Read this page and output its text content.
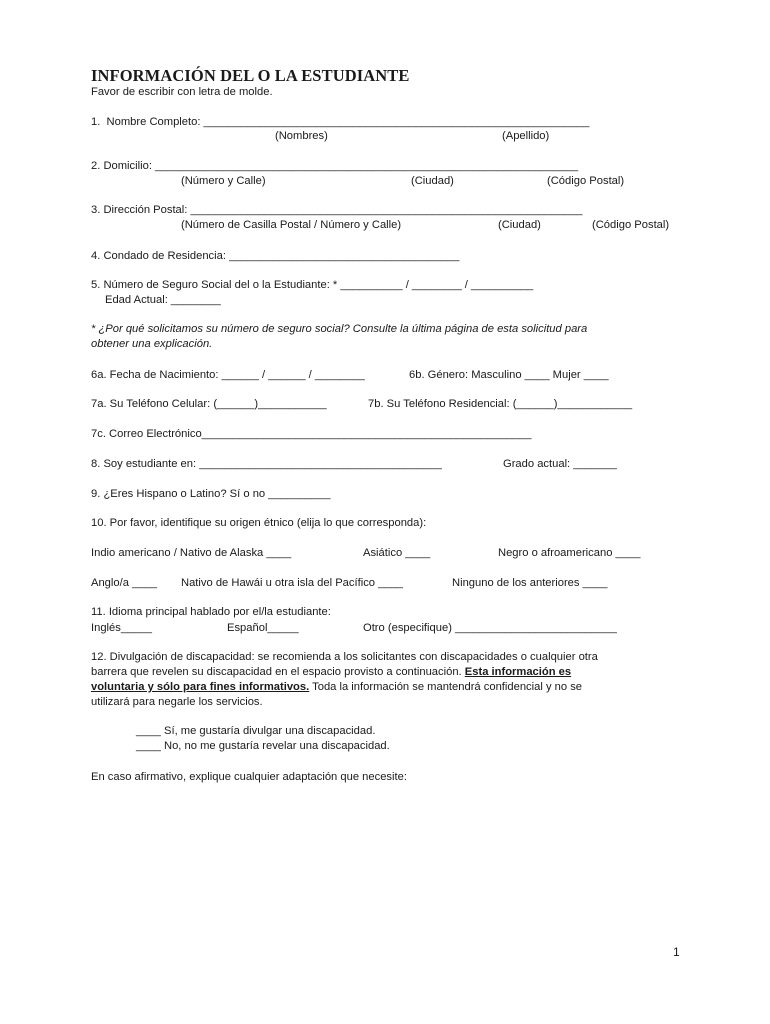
INFORMACIÓN DEL O LA ESTUDIANTE
Favor de escribir con letra de molde.
1.  Nombre Completo: ______________________________________________________________
(Nombres)	(Apellido)
2. Domicilio: ____________________________________________________________________
(Número y Calle)	(Ciudad)	(Código Postal)
3. Dirección Postal: _______________________________________________________________
(Número de Casilla Postal / Número y Calle)	(Ciudad)	(Código Postal)
4. Condado de Residencia: _____________________________________
5. Número de Seguro Social del o la Estudiante: * __________ / ________ / __________
Edad Actual: ________
* ¿Por qué solicitamos su número de seguro social? Consulte la última página de esta solicitud para
obtener una explicación.
6a. Fecha de Nacimiento: ______ / ______ / ________	6b. Género: Masculino ____ Mujer ____
7a. Su Teléfono Celular: (______)___________	7b. Su Teléfono Residencial: (______)____________
7c. Correo Electrónico_____________________________________________________
8. Soy estudiante en: _______________________________________	Grado actual: _______
9. ¿Eres Hispano o Latino? Sí o no __________
10. Por favor, identifique su origen étnico (elija lo que corresponda):
Indio americano / Nativo de Alaska ____	Asiático ____	Negro o afroamericano ____
Anglo/a ____ Nativo de Hawái u otra isla del Pacífico ____	Ninguno de los anteriores ____
11. Idioma principal hablado por el/la estudiante:
Inglés_____	Español_____	Otro (especifique) __________________________
12. Divulgación de discapacidad: se recomienda a los solicitantes con discapacidades o cualquier otra
barrera que revelen su discapacidad en el espacio provisto a continuación. Esta información es
voluntaria y sólo para fines informativos. Toda la información se mantendrá confidencial y no se
utilizará para negarle los servicios.
____ Sí, me gustaría divulgar una discapacidad.
____ No, no me gustaría revelar una discapacidad.
En caso afirmativo, explique cualquier adaptación que necesite:
1
